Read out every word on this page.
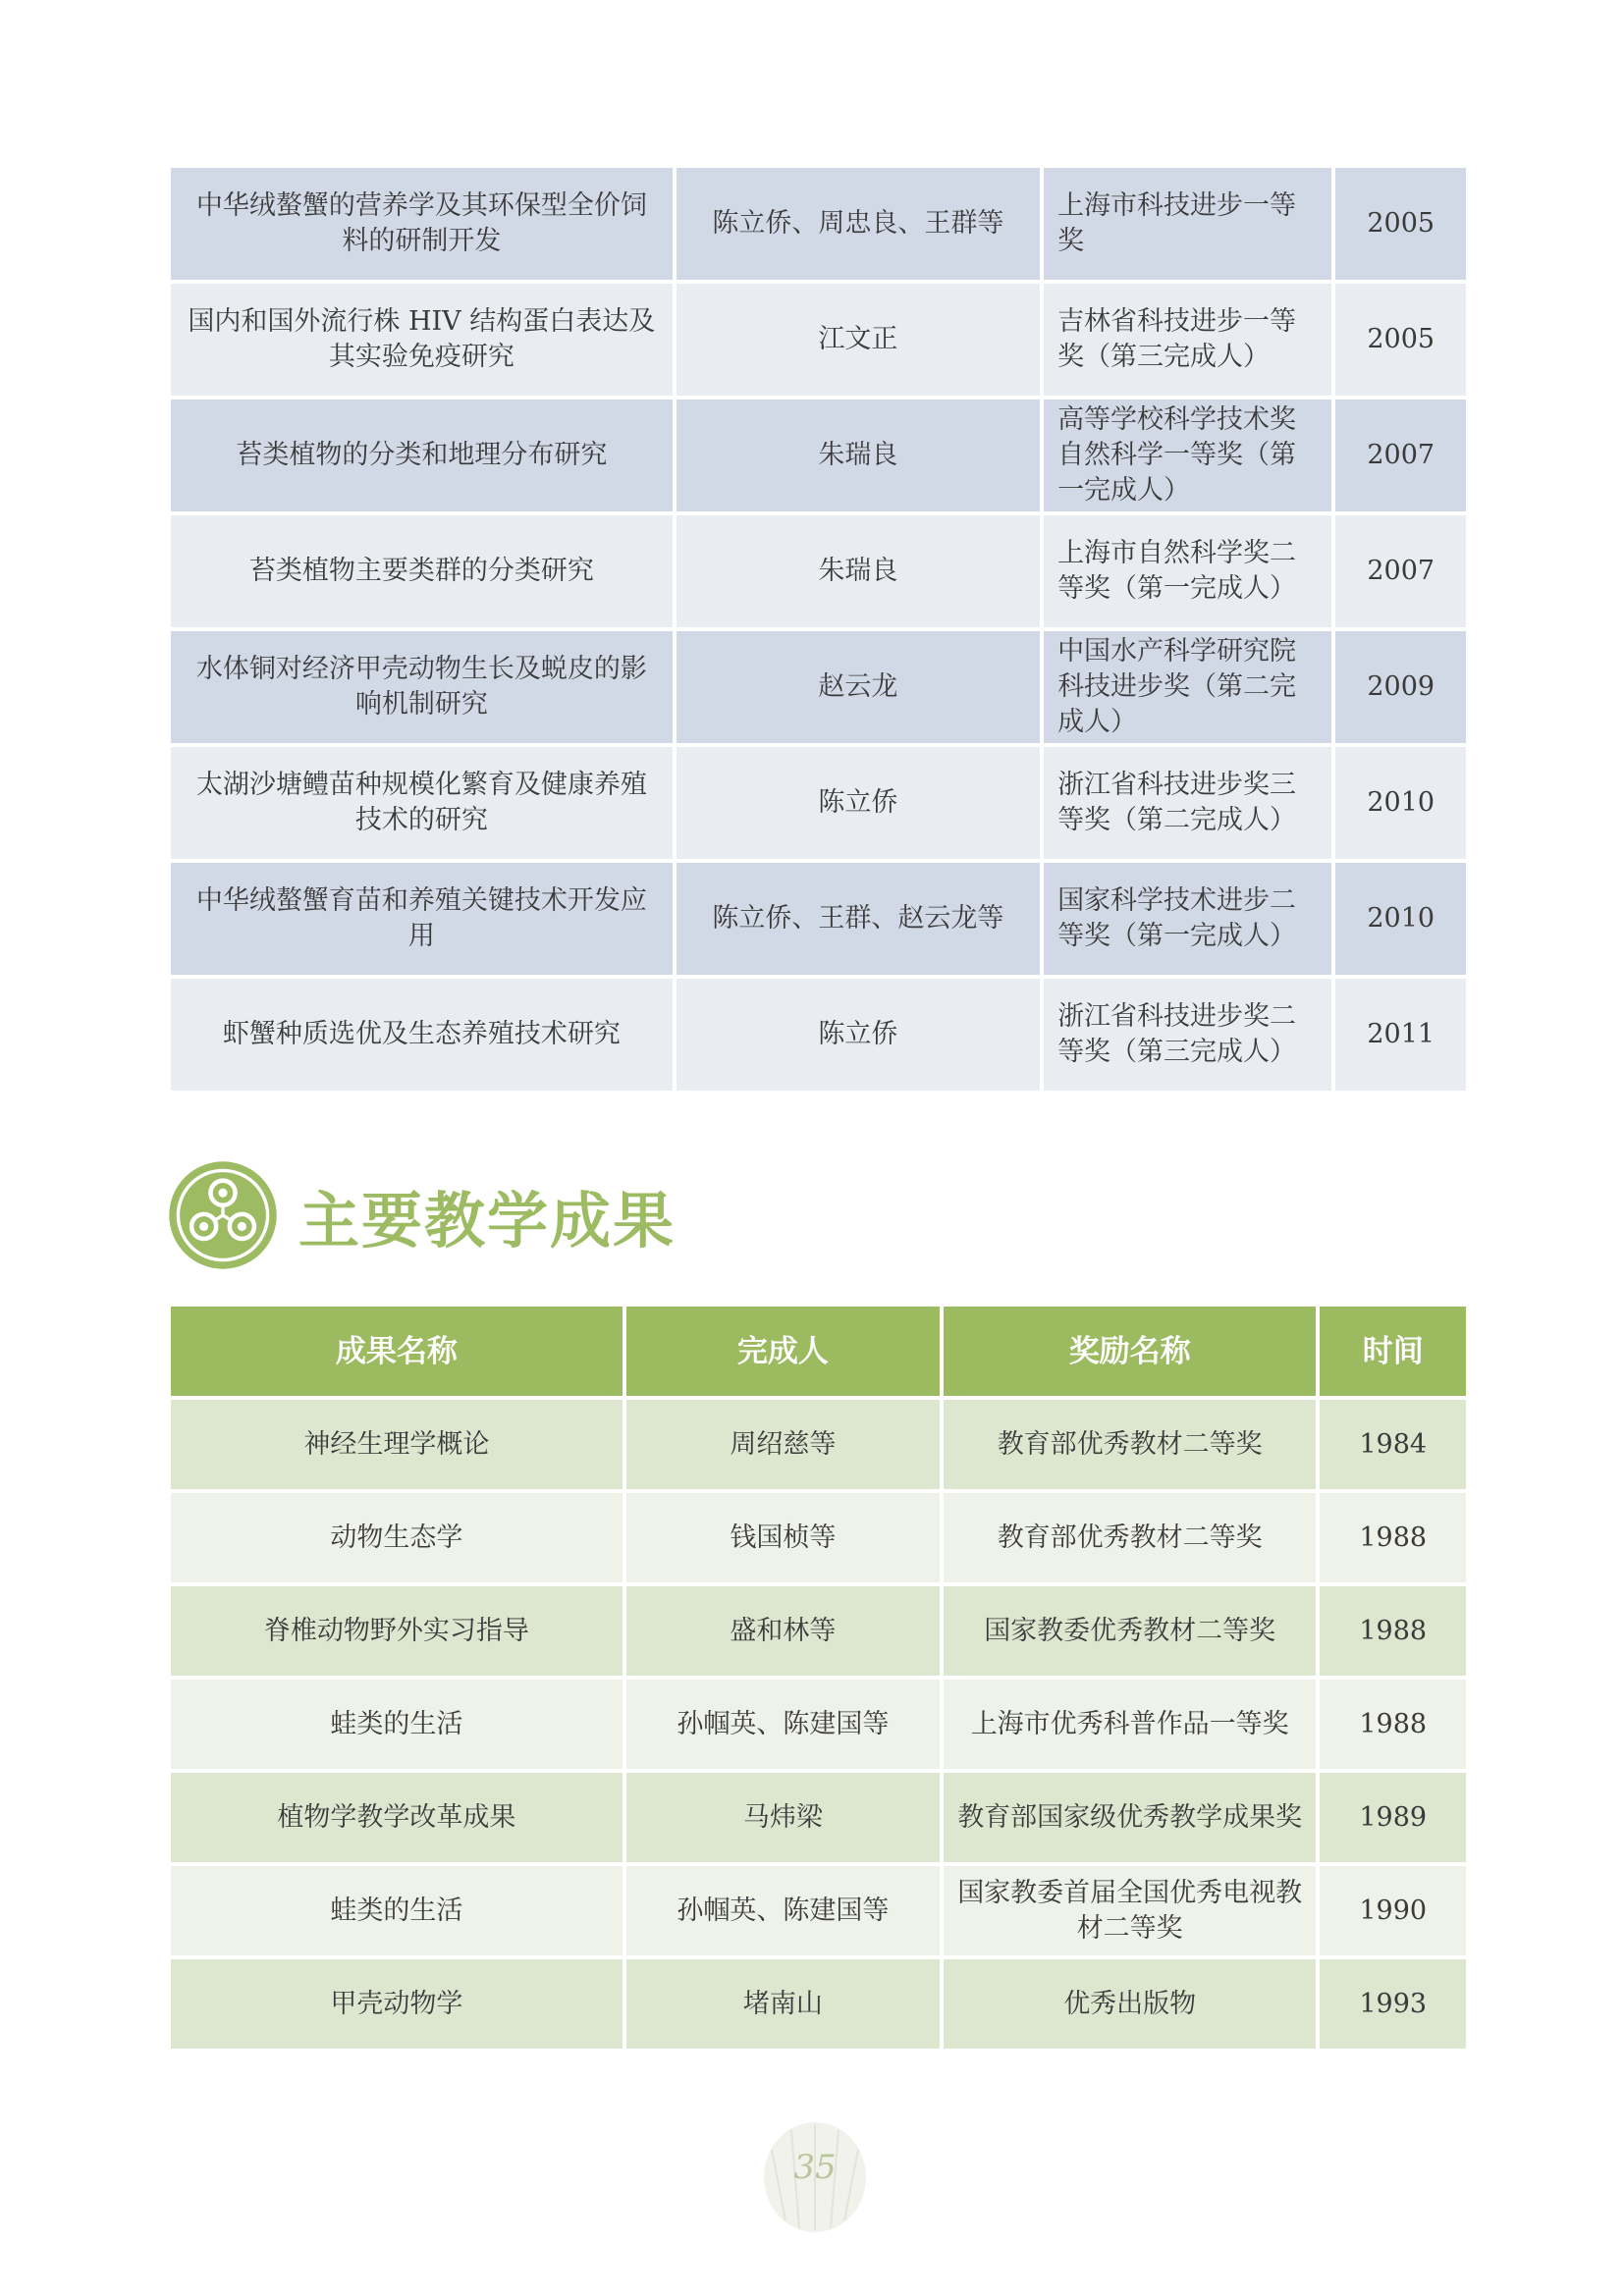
中华绒螯蟹的营养学及其环保型全价饲料的研制开发	陈立侨、周忠良、王群等	上海市科技进步一等奖	2005
国内和国外流行株 HIV 结构蛋白表达及其实验免疫研究	江文正	吉林省科技进步一等奖（第三完成人）	2005
苔类植物的分类和地理分布研究	朱瑞良	高等学校科学技术奖自然科学一等奖（第一完成人）	2007
苔类植物主要类群的分类研究	朱瑞良	上海市自然科学奖二等奖（第一完成人）	2007
水体铜对经济甲壳动物生长及蜕皮的影响机制研究	赵云龙	中国水产科学研究院科技进步奖（第二完成人）	2009
太湖沙塘鳢苗种规模化繁育及健康养殖技术的研究	陈立侨	浙江省科技进步奖三等奖（第二完成人）	2010
中华绒螯蟹育苗和养殖关键技术开发应用	陈立侨、王群、赵云龙等	国家科学技术进步二等奖（第一完成人）	2010
虾蟹种质选优及生态养殖技术研究	陈立侨	浙江省科技进步奖二等奖（第三完成人）	2011
主要教学成果
成果名称	完成人	奖励名称	时间
神经生理学概论	周绍慈等	教育部优秀教材二等奖	1984
动物生态学	钱国桢等	教育部优秀教材二等奖	1988
脊椎动物野外实习指导	盛和林等	国家教委优秀教材二等奖	1988
蛙类的生活	孙帼英、陈建国等	上海市优秀科普作品一等奖	1988
植物学教学改革成果	马炜梁	教育部国家级优秀教学成果奖	1989
蛙类的生活	孙帼英、陈建国等	国家教委首届全国优秀电视教材二等奖	1990
甲壳动物学	堵南山	优秀出版物	1993
35
